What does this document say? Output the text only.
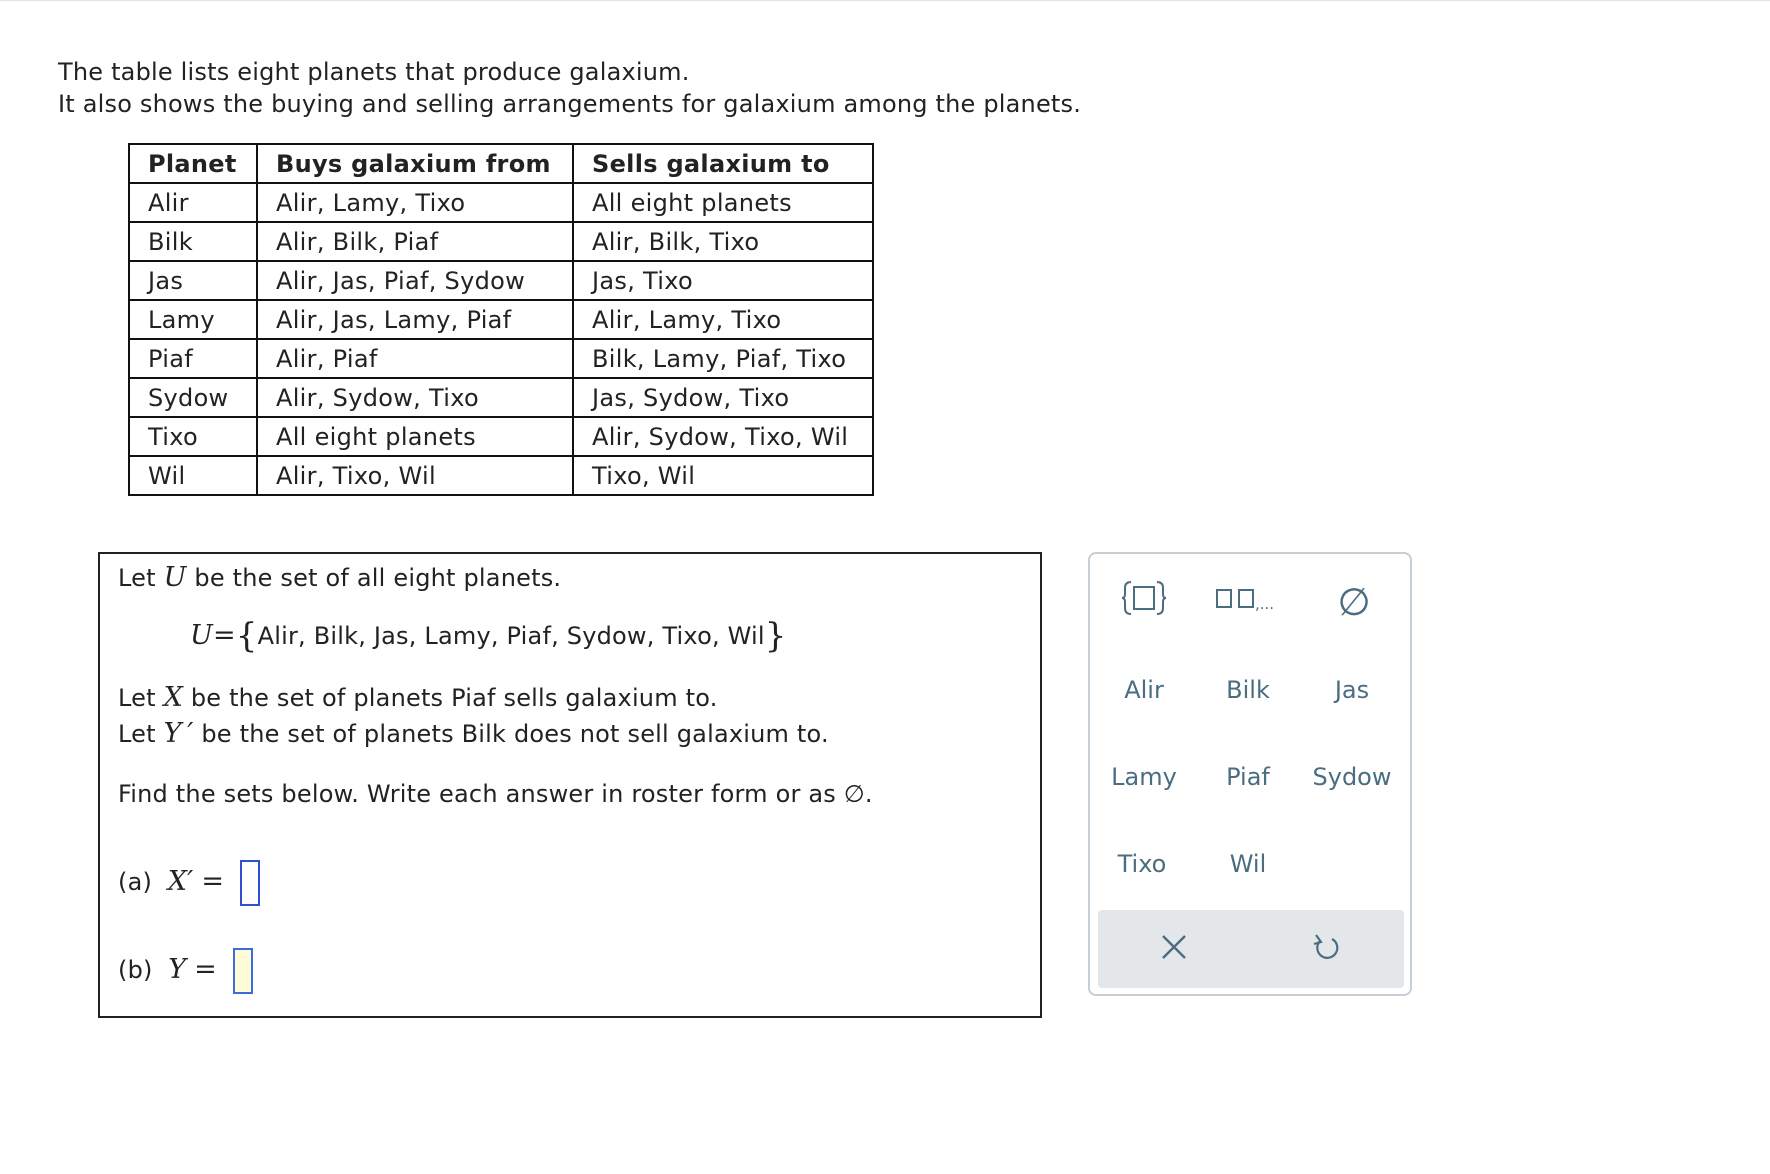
The table lists eight planets that produce galaxium.
It also shows the buying and selling arrangements for galaxium among the planets.
Planet	Buys galaxium from	Sells galaxium to
Alir	Alir, Lamy, Tixo	All eight planets
Bilk	Alir, Bilk, Piaf	Alir, Bilk, Tixo
Jas	Alir, Jas, Piaf, Sydow	Jas, Tixo
Lamy	Alir, Jas, Lamy, Piaf	Alir, Lamy, Tixo
Piaf	Alir, Piaf	Bilk, Lamy, Piaf, Tixo
Sydow	Alir, Sydow, Tixo	Jas, Sydow, Tixo
Tixo	All eight planets	Alir, Sydow, Tixo, Wil
Wil	Alir, Tixo, Wil	Tixo, Wil
Let U be the set of all eight planets.
U={Alir, Bilk, Jas, Lamy, Piaf, Sydow, Tixo, Wil}
Let X be the set of planets Piaf sells galaxium to.
Let Y ′ be the set of planets Bilk does not sell galaxium to.
Find the sets below. Write each answer in roster form or as ∅.
(a) X′ =
(b) Y =
,... ∅
Alir	Bilk	Jas
Lamy Piaf Sydow
Tixo	Wil
